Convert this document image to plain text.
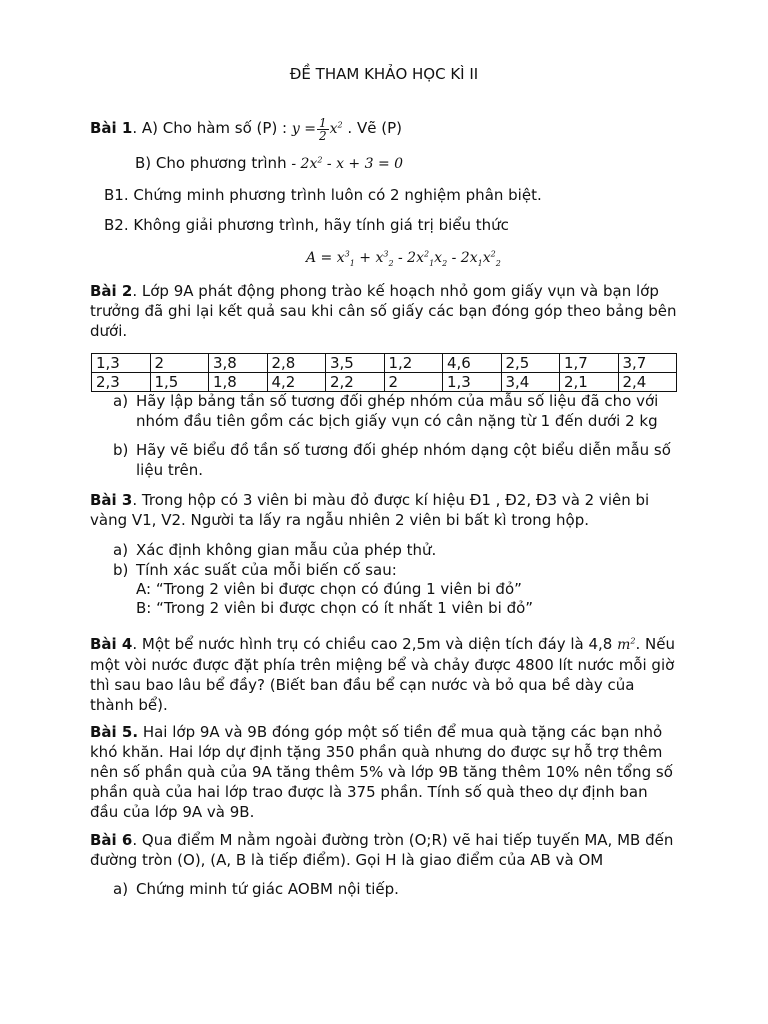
ĐỀ THAM KHẢO HỌC KÌ II
Bài 1. A) Cho hàm số (P) : $y = \frac{1}{2} x^2$ . Vẽ (P)
B) Cho phương trình - $2x^2 - x + 3 = 0$
B1. Chứng minh phương trình luôn có 2 nghiệm phân biệt.
B2. Không giải phương trình, hãy tính giá trị biểu thức
$A = x^3_1 + x^3_2 - 2x^2_1x_2 - 2x_1x^2_2$
Bài 2. Lớp 9A phát động phong trào kế hoạch nhỏ gom giấy vụn và bạn lớp trưởng đã ghi lại kết quả sau khi cân số giấy các bạn đóng góp theo bảng bên dưới.
1,3	2	3,8	2,8	3,5	1,2	4,6	2,5	1,7	3,7
2,3	1,5	1,8	4,2	2,2	2	1,3	3,4	2,1	2,4
a) Hãy lập bảng tần số tương đối ghép nhóm của mẫu số liệu đã cho với nhóm đầu tiên gồm các bịch giấy vụn có cân nặng từ 1 đến dưới 2 kg
b) Hãy vẽ biểu đồ tần số tương đối ghép nhóm dạng cột biểu diễn mẫu số liệu trên.
Bài 3. Trong hộp có 3 viên bi màu đỏ được kí hiệu Đ1 , Đ2, Đ3 và 2 viên bi vàng V1, V2. Người ta lấy ra ngẫu nhiên 2 viên bi bất kì trong hộp.
a) Xác định không gian mẫu của phép thử.
b) Tính xác suất của mỗi biến cố sau:
A: “Trong 2 viên bi được chọn có đúng 1 viên bi đỏ”
B: “Trong 2 viên bi được chọn có ít nhất 1 viên bi đỏ”
Bài 4. Một bể nước hình trụ có chiều cao 2,5m và diện tích đáy là 4,8 $m^2$. Nếu một vòi nước được đặt phía trên miệng bể và chảy được 4800 lít nước mỗi giờ thì sau bao lâu bể đầy? (Biết ban đầu bể cạn nước và bỏ qua bề dày của thành bể).
Bài 5. Hai lớp 9A và 9B đóng góp một số tiền để mua quà tặng các bạn nhỏ khó khăn. Hai lớp dự định tặng 350 phần quà nhưng do được sự hỗ trợ thêm nên số phần quà của 9A tăng thêm 5% và lớp 9B tăng thêm 10% nên tổng số phần quà của hai lớp trao được là 375 phần. Tính số quà theo dự định ban đầu của lớp 9A và 9B.
Bài 6. Qua điểm M nằm ngoài đường tròn (O;R) vẽ hai tiếp tuyến MA, MB đến đường tròn (O), (A, B là tiếp điểm). Gọi H là giao điểm của AB và OM
a) Chứng minh tứ giác AOBM nội tiếp.
